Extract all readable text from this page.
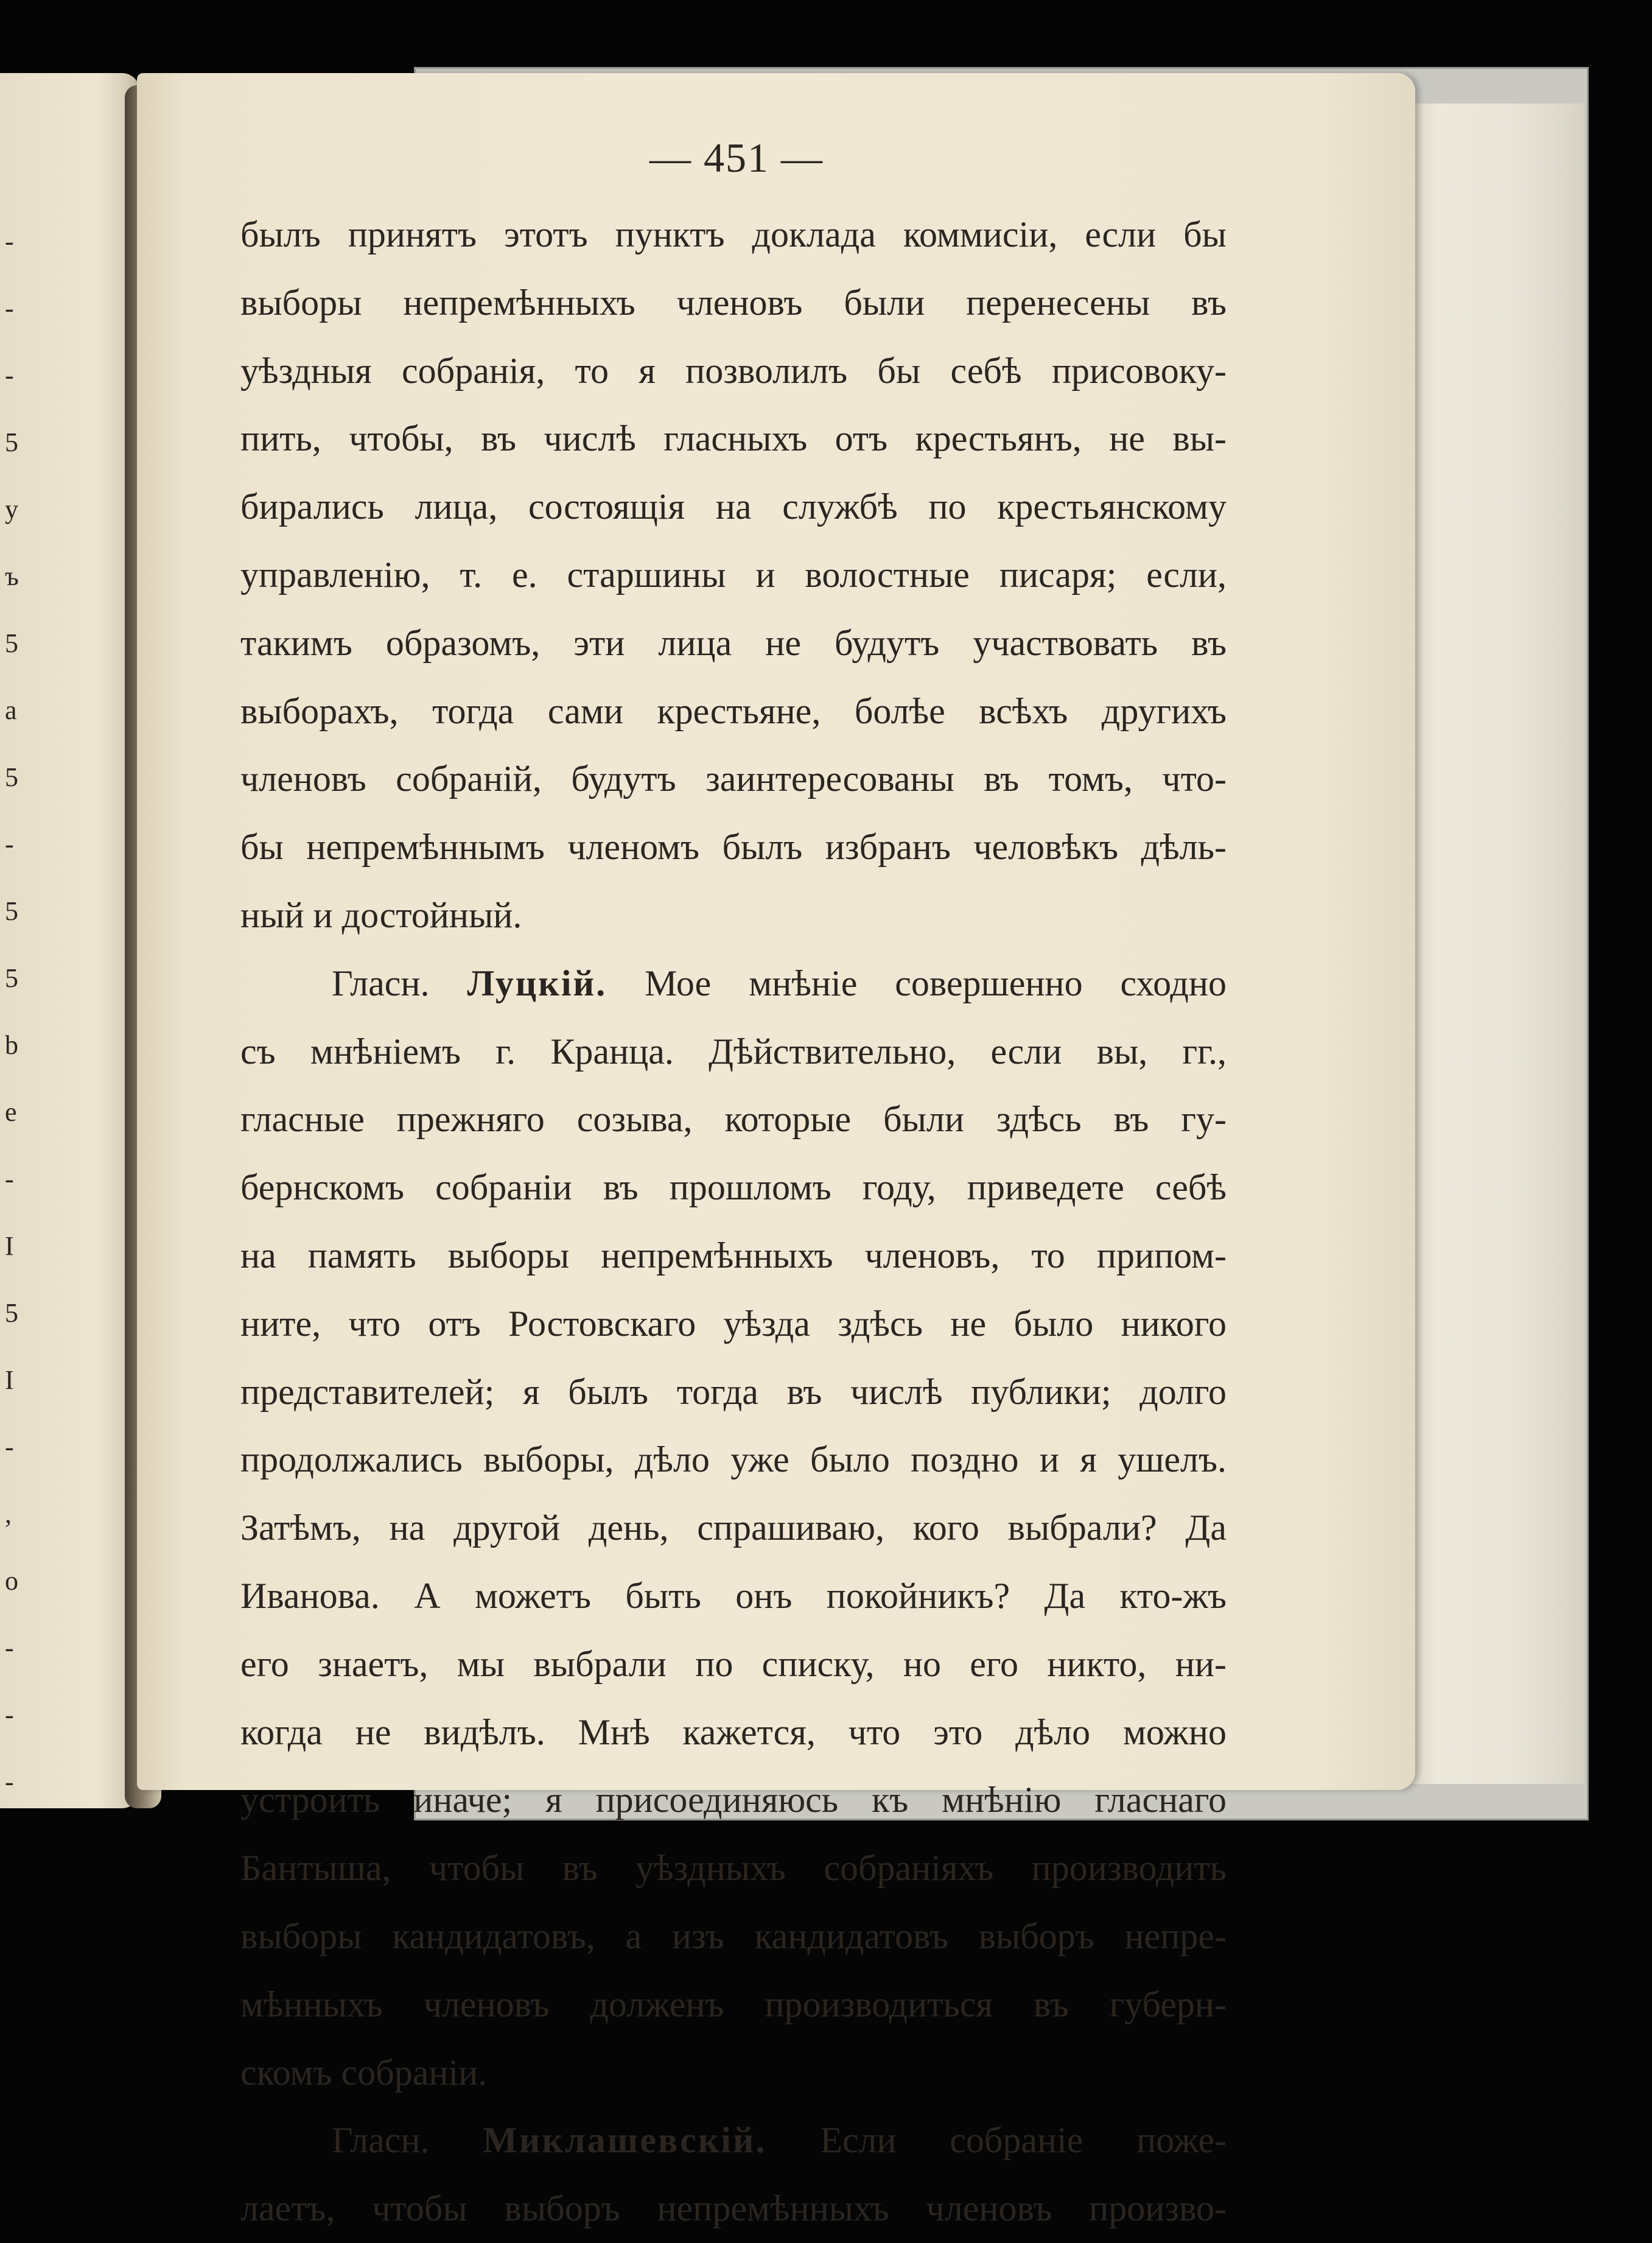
-
-
-
5
y
ъ
5
a
5
-
5
5
b
e
-
I
5
I
-
,
o
-
-
-
— 451 —
былъ принятъ этотъ пунктъ доклада коммисіи, если бы
выборы непремѣнныхъ членовъ были перенесены въ
уѣздныя собранія, то я позволилъ бы себѣ присовоку-
пить, чтобы, въ числѣ гласныхъ отъ крестьянъ, не вы-
бирались лица, состоящія на службѣ по крестьянскому
управленію, т. е. старшины и волостные писаря; если,
такимъ образомъ, эти лица не будутъ участвовать въ
выборахъ, тогда сами крестьяне, болѣе всѣхъ другихъ
членовъ собраній, будутъ заинтересованы въ томъ, что-
бы непремѣннымъ членомъ былъ избранъ человѣкъ дѣль-
ный и достойный.
Гласн. Луцкій. Мое мнѣніе совершенно сходно
съ мнѣніемъ г. Кранца. Дѣйствительно, если вы, гг.,
гласные прежняго созыва, которые были здѣсь въ гу-
бернскомъ собраніи въ прошломъ году, приведете себѣ
на память выборы непремѣнныхъ членовъ, то припом-
ните, что отъ Ростовскаго уѣзда здѣсь не было никого
представителей; я былъ тогда въ числѣ публики; долго
продолжались выборы, дѣло уже было поздно и я ушелъ.
Затѣмъ, на другой день, спрашиваю, кого выбрали? Да
Иванова. А можетъ быть онъ покойникъ? Да кто-жъ
его знаетъ, мы выбрали по списку, но его никто, ни-
когда не видѣлъ. Мнѣ кажется, что это дѣло можно
устроить иначе; я присоединяюсь къ мнѣнію гласнаго
Бантыша, чтобы въ уѣздныхъ собраніяхъ производить
выборы кандидатовъ, а изъ кандидатовъ выборъ непре-
мѣнныхъ членовъ долженъ производиться въ губерн-
скомъ собраніи.
Гласн. Миклашевскій. Если собраніе поже-
лаетъ, чтобы выборъ непремѣнныхъ членовъ произво-
